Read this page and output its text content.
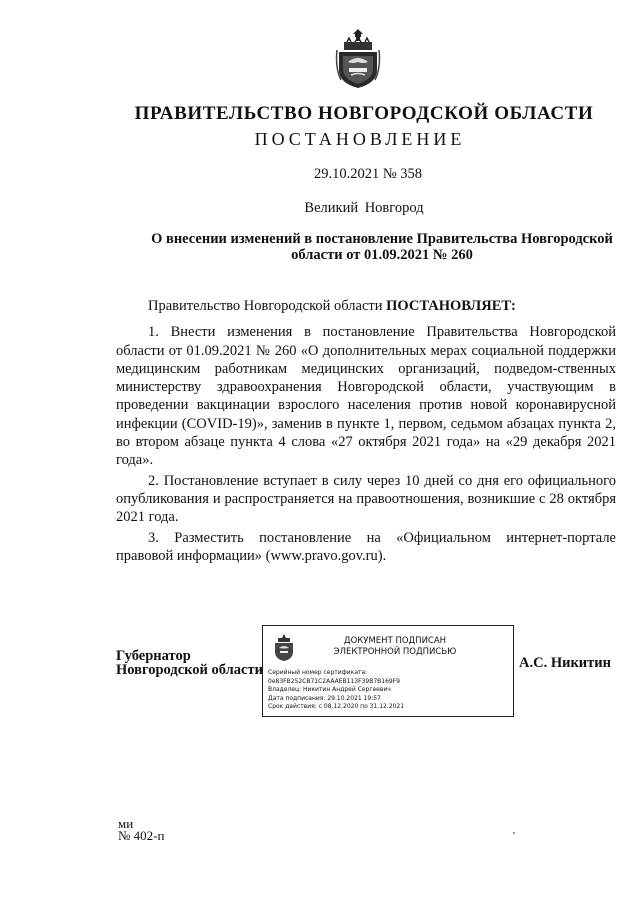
ПРАВИТЕЛЬСТВО НОВГОРОДСКОЙ ОБЛАСТИ
ПОСТАНОВЛЕНИЕ
29.10.2021 № 358
Великий Новгород
О внесении изменений в постановление Правительства Новгородской
области от 01.09.2021 № 260

Правительство Новгородской области ПОСТАНОВЛЯЕТ:

1. Внести изменения в постановление Правительства Новгородской области от 01.09.2021 № 260 «О дополнительных мерах социальной поддержки медицинским работникам медицинских организаций, подведом-ственных министерству здравоохранения Новгородской области, участвующим в проведении вакцинации взрослого населения против новой коронавирусной инфекции (COVID-19)», заменив в пункте 1, первом, седьмом абзацах пункта 2, во втором абзаце пункта 4 слова «27 октября 2021 года» на «29 декабря 2021 года».

2. Постановление вступает в силу через 10 дней со дня его официального опубликования и распространяется на правоотношения, возникшие с 28 октября 2021 года.

3. Разместить постановление на «Официальном интернет-портале правовой информации» (www.pravo.gov.ru).

Губернатор
Новгородской области
ДОКУМЕНТ ПОДПИСАН
ЭЛЕКТРОННОЙ ПОДПИСЬЮ
Серийный номер сертификата:
0e83FB252CB71C2AAAEB113F39B7B169F9
Владелец: Никитин Андрей Сергеевич
Дата подписания: 29.10.2021 19:57
Срок действия: с 08.12.2020 по 31.12.2021
А.С. Никитин
ми
№ 402-п
